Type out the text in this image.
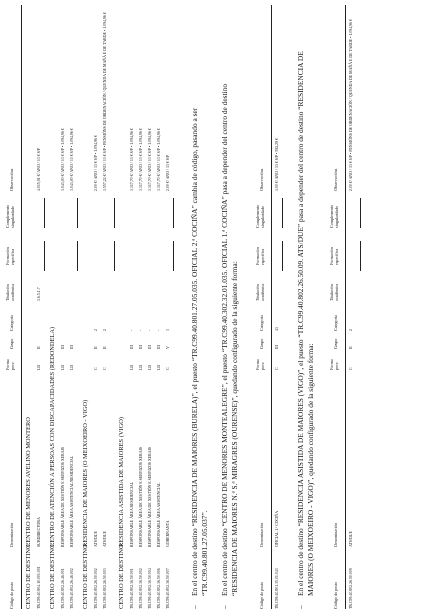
Código do posto
Denominación
Forma prov.
Grupo
Categoría
Titulación académica
Formación específica
Complemento singularidade
Observacións
CENTRO DE DESTINO:
CENTRO DE MENORES AVELINO MONTERO
TR.C99.40.804.10.001.001
SUBDIRECTORA
LD
II
1.6.5.1.7
4.015,91 €/ ANO / 13 € S/P
CENTRO DE DESTINO:
CENTRO DE ATENCIÓN A PERSOAS CON DISCAPACIDADES (REDONDELA)
TR.C99.40.802.26.46.001
RESPONSABLE ÁREA DE XESTIÓN E SERVIZOS XERAIS
LD
III
3.043,00 €/ ANO / 13 € S/P • 1.094,96 €
TR.C99.40.802.26.46.002
RESPONSABLE ÁREA ASISTENCIAL/RESIDENCIAL
LD
III
3.043,00 €/ ANO / 13 € S/P • 1.094,96 €
CENTRO DE DESTINO:
RESIDENCIA DE MAIORES (O MEIXOEIRO - VIGO)
TR.C99.40.802.26.50.002
ATS/DUE
C
II
2
2.00 €/ ANO / 13 € S/P • 1.094,96 €
TR.C99.40.802.26.50.003
ATS/DUE
C
II
2
1.557,22 €/ ANO / 13 € S/P • PENSIÓNS DE ORDENACIÓN / QUENDA DE MAÑÁ E DE TARDE • 1.094,96 €
CENTRO DE DESTINO:
RESIDENCIA ASISTIDA DE MAIORES (VIGO)
TR.C99.40.802.36.50.001
RESPONSABLE ÁREA RESIDENCIAL
LD
III
-
3.317,70 €/ ANO / 13 € S/P • 1.094,96 €
TR.C99.40.802.36.50.002
RESPONSABLE ÁREA DE XESTIÓN E SERVIZOS XERAIS
LD
III
-
3.317,70 €/ ANO / 13 € S/P • 1.094,96 €
TR.C99.40.802.36.50.004
RESPONSABLE ÁREA DE XESTIÓN E SERVIZOS XERAIS
LD
III
-
3.317,70 €/ ANO / 13 € S/P • 1.094,96 €
TR.C99.40.802.36.50.006
RESPONSABLE ÁREA ASISTENCIAL
LD
III
-
3.317,70 €/ ANO / 13 € S/P • 1.094,96 €
TR.C99.40.802.36.50.007
GOBERNANTA
C
V
3
2.00 €/ ANO / 13 € S/P
–
En el centro de destino “RESIDENCIA DE MAIORES (BURELA)”, el puesto “TR.C99.40.801.27.05.035. OFICIAL 2.ª COCIÑA” cambia de código, pasando a ser “TR.C99.40.801.27.05.037”.
–
En el centro de destino “CENTRO DE MENORES MONTEALEGRE”, el puesto “TR.C99.40.302.32.01.035. OFICIAL 1.ª COCIÑA” pasa a depender del centro de destino “RESIDENCIA DE MAIORES N.ª S.ª MIRAGRES (OURENSE)”, quedando configurado de la siguiente forma:	Código do posto
Denominación
Forma prov.
Grupo
Categoría
Titulación académica
Formación específica
Complemento singularidade
Observacións
TR.C99.40.801.35.01.043
OFICIAL 1.ª COCIÑA
C
III
43
1.00 €/ ANO / 13 € S/P • 592,29 €
–
En el centro de destino “RESIDENCIA ASISTIDA DE MAIORES (VIGO)”, el puesto “TR.C99.40.802.26.50.09. ATS/DUE” pasa a depender del centro de destino “RESIDENCIA DE MAIORES (O MEIXOEIRO - VIGO)”, quedando configurado de la siguiente forma:	Código do posto
Denominación
Forma prov.
Grupo
Categoría
Titulación académica
Formación específica
Complemento singularidade
Observacións
TR.C99.40.802.26.50.009
ATS/DUE
C
II
2
2.00 €/ ANO / 13 € S/P • PENSIÓNS DE ORDENACIÓN / QUENDA DE MAÑÁ E DE TARDE • 1.094,96 €
